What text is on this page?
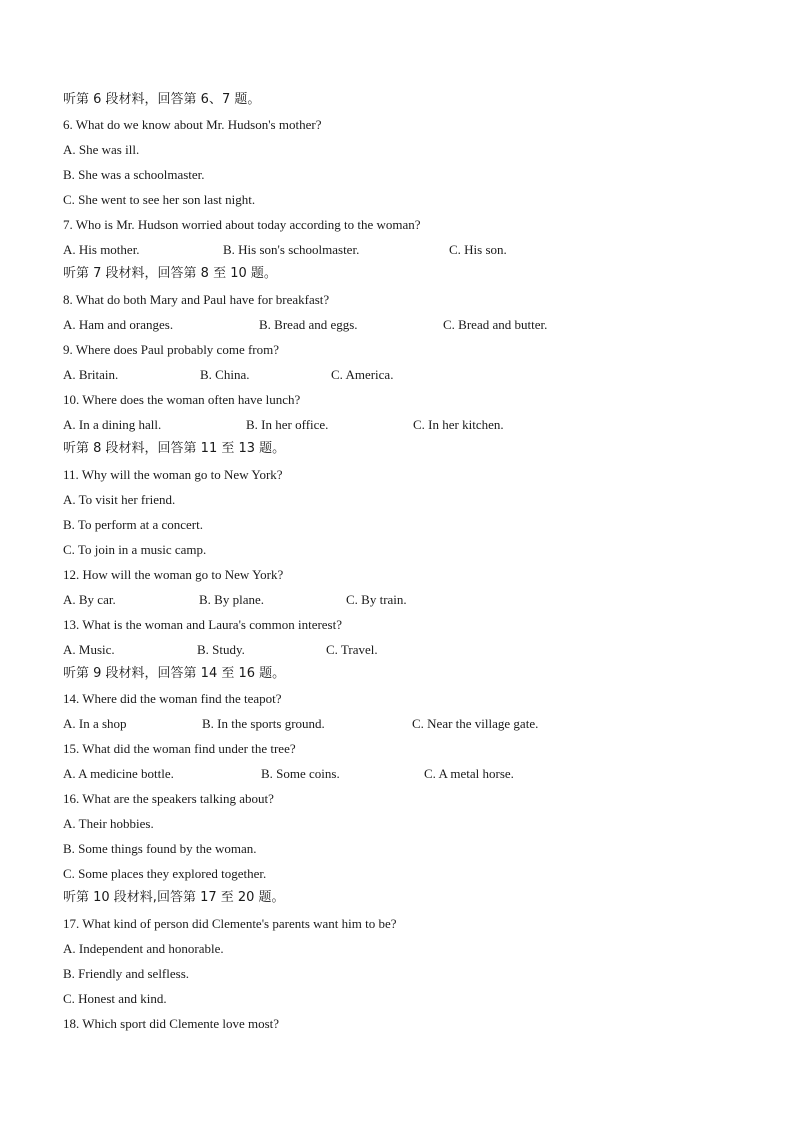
听第 6 段材料，回答第 6、7 题。
6. What do we know about Mr. Hudson's mother?
A. She was ill.
B. She was a schoolmaster.
C. She went to see her son last night.
7. Who is Mr. Hudson worried about today according to the woman?
A. His mother.	B. His son's schoolmaster.	C. His son.
听第 7 段材料，回答第 8 至 10 题。
8. What do both Mary and Paul have for breakfast?
A. Ham and oranges.	B. Bread and eggs.	C. Bread and butter.
9. Where does Paul probably come from?
A. Britain.	B. China.	C. America.
10. Where does the woman often have lunch?
A. In a dining hall.	B. In her office.	C. In her kitchen.
听第 8 段材料，回答第 11 至 13 题。
11. Why will the woman go to New York?
A. To visit her friend.
B. To perform at a concert.
C. To join in a music camp.
12. How will the woman go to New York?
A. By car.	B. By plane.	C. By train.
13. What is the woman and Laura's common interest?
A. Music.	B. Study.	C. Travel.
听第 9 段材料，回答第 14 至 16 题。
14. Where did the woman find the teapot?
A. In a shop	B. In the sports ground.	C. Near the village gate.
15. What did the woman find under the tree?
A. A medicine bottle.	B. Some coins.	C. A metal horse.
16. What are the speakers talking about?
A. Their hobbies.
B. Some things found by the woman.
C. Some places they explored together.
听第 10 段材料,回答第 17 至 20 题。
17. What kind of person did Clemente's parents want him to be?
A. Independent and honorable.
B. Friendly and selfless.
C. Honest and kind.
18. Which sport did Clemente love most?
